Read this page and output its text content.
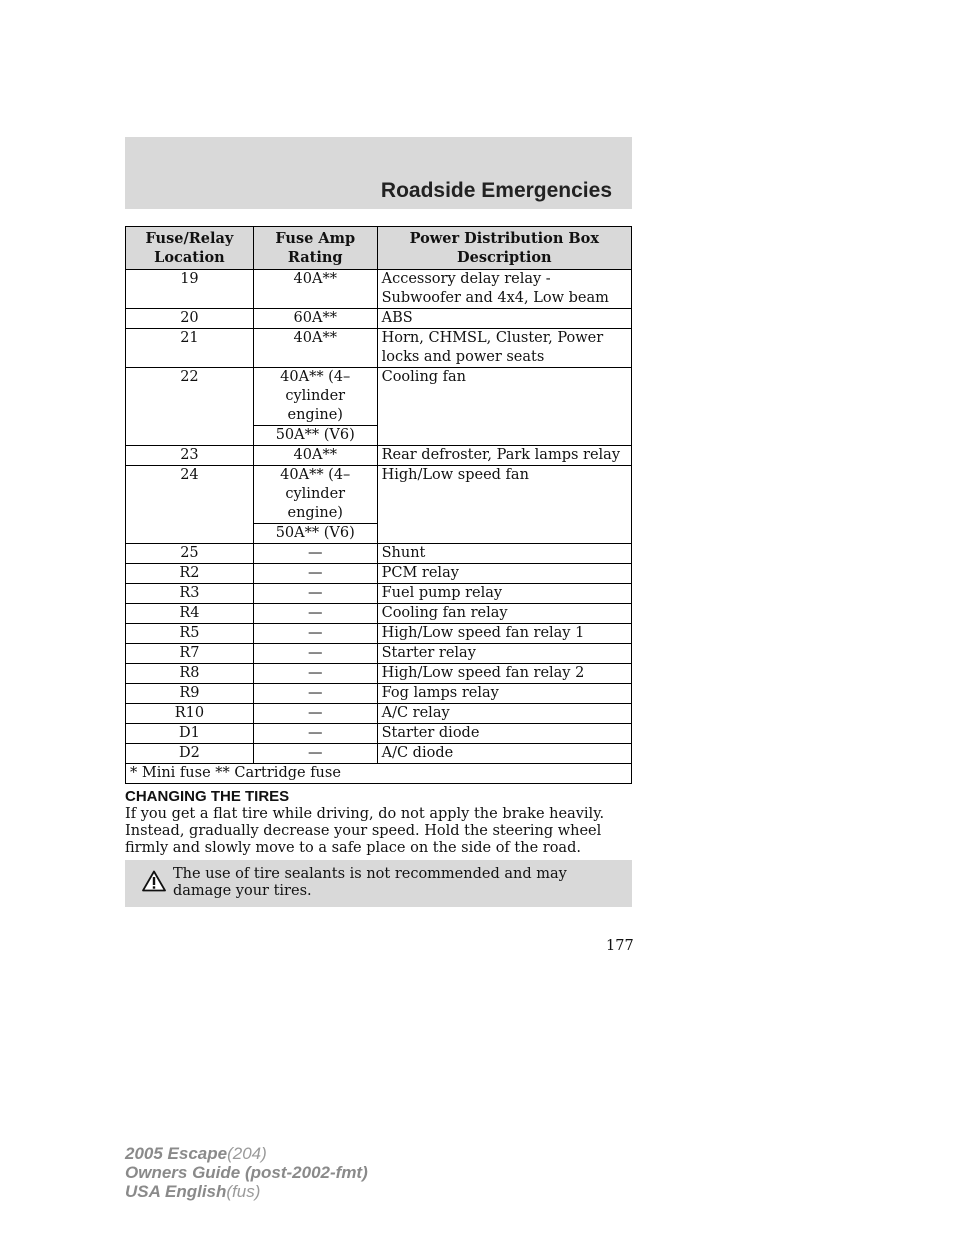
Roadside Emergencies
Fuse/Relay Location	Fuse Amp Rating	Power Distribution Box Description
19	40A**	Accessory delay relay - Subwoofer and 4x4, Low beam
20	60A**	ABS
21	40A**	Horn, CHMSL, Cluster, Power locks and power seats
22	40A** (4–cylinder engine)	Cooling fan
	50A** (V6)	
23	40A**	Rear defroster, Park lamps relay
24	40A** (4–cylinder engine)	High/Low speed fan
	50A** (V6)	
25	—	Shunt
R2	—	PCM relay
R3	—	Fuel pump relay
R4	—	Cooling fan relay
R5	—	High/Low speed fan relay 1
R7	—	Starter relay
R8	—	High/Low speed fan relay 2
R9	—	Fog lamps relay
R10	—	A/C relay
D1	—	Starter diode
D2	—	A/C diode
* Mini fuse ** Cartridge fuse		
CHANGING THE TIRES

If you get a flat tire while driving, do not apply the brake heavily. Instead, gradually decrease your speed. Hold the steering wheel firmly and slowly move to a safe place on the side of the road.

The use of tire sealants is not recommended and may damage your tires.
177
2005 Escape(204)
Owners Guide (post-2002-fmt)
USA English(fus)
